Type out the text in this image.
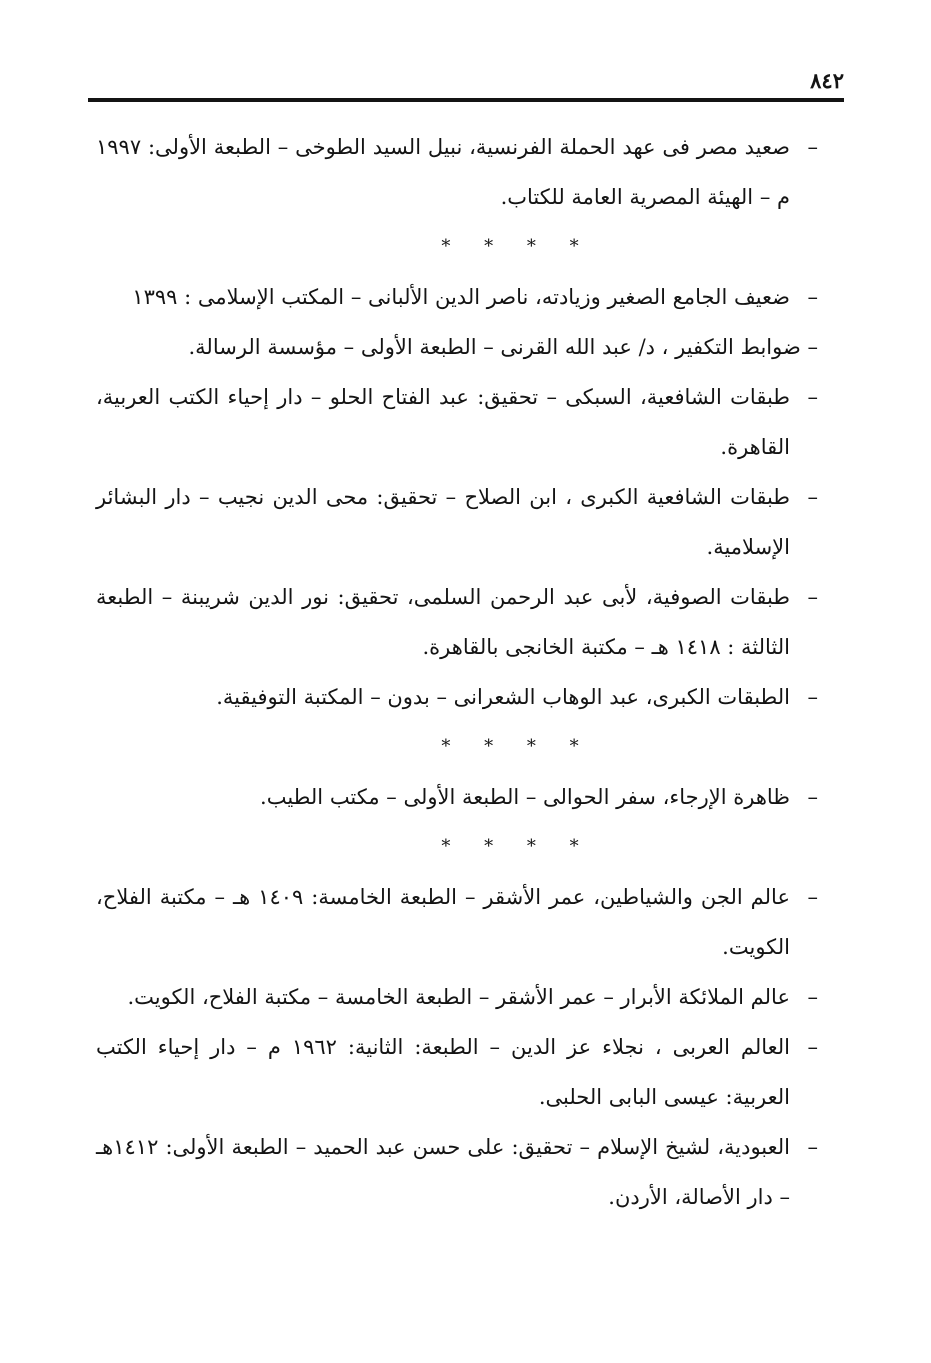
٨٤٢

–
صعيد مصر فى عهد الحملة الفرنسية، نبيل السيد الطوخى – الطبعة الأولى: ١٩٩٧ م – الهيئة المصرية العامة للكتاب.

* * * *

–
ضعيف الجامع الصغير وزيادته، ناصر الدين الألبانى – المكتب الإسلامى : ١٣٩٩

– ضوابط التكفير ، د/ عبد الله القرنى – الطبعة الأولى – مؤسسة الرسالة.

–
طبقات الشافعية، السبكى – تحقيق: عبد الفتاح الحلو – دار إحياء الكتب العربية، القاهرة.

–
طبقات الشافعية الكبرى ، ابن الصلاح – تحقيق: محى الدين نجيب – دار البشائر الإسلامية.

–
طبقات الصوفية، لأبى عبد الرحمن السلمى، تحقيق: نور الدين شريبنة – الطبعة الثالثة : ١٤١٨ هـ – مكتبة الخانجى بالقاهرة.

–
الطبقات الكبرى، عبد الوهاب الشعرانى – بدون – المكتبة التوفيقية.

* * * *

–
ظاهرة الإرجاء، سفر الحوالى – الطبعة الأولى – مكتب الطيب.

* * * *

–
عالم الجن والشياطين، عمر الأشقر – الطبعة الخامسة: ١٤٠٩ هـ – مكتبة الفلاح، الكويت.

–
عالم الملائكة الأبرار – عمر الأشقر – الطبعة الخامسة – مكتبة الفلاح، الكويت.

–
العالم العربى ، نجلاء عز الدين – الطبعة: الثانية: ١٩٦٢ م – دار إحياء الكتب العربية: عيسى البابى الحلبى.

–
العبودية، لشيخ الإسلام – تحقيق: على حسن عبد الحميد – الطبعة الأولى: ١٤١٢هـ – دار الأصالة، الأردن.
